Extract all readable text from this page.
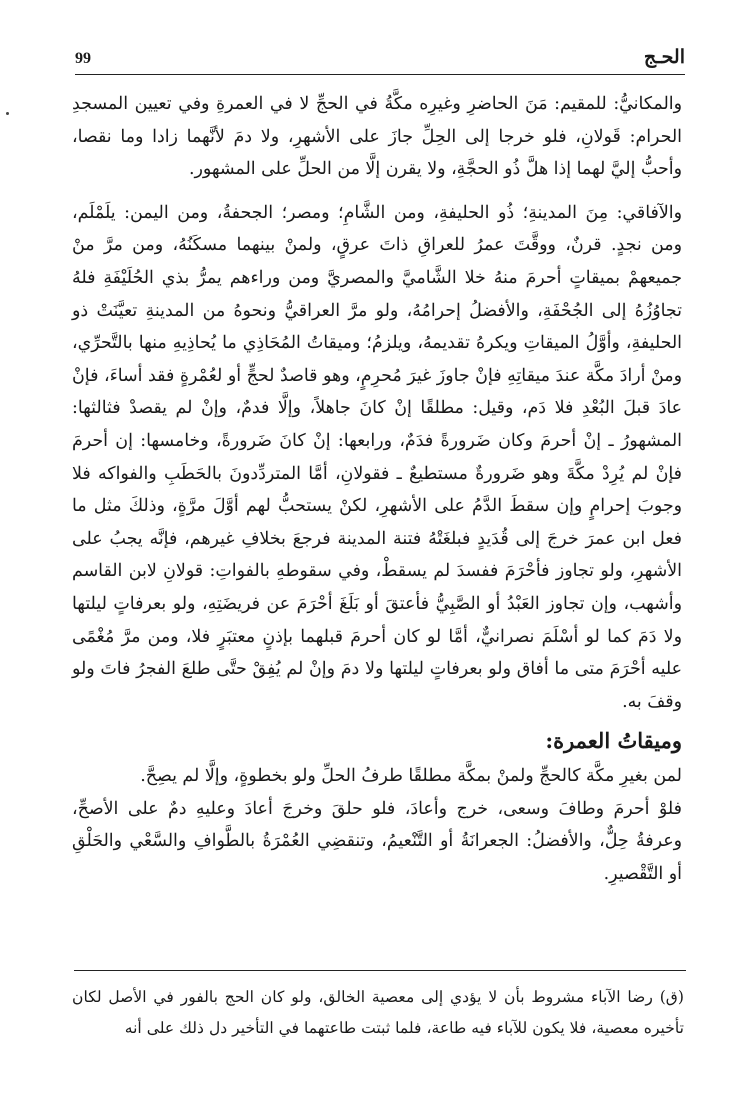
الحـج
99

والمكانيُّ: للمقيم: مَنَ الحاضرِ وغيرِه مكَّةُ في الحجِّ لا في العمرةِ وفي تعيين المسجدِ الحرام: قَولانِ، فلو خرجا إلى الحِلِّ جازَ على الأشهرِ، ولا دمَ لأنَّهما زادا وما نقصا، وأحبُّ إليَّ لهما إذا هلَّ ذُو الحجَّةِ، ولا يقرن إلَّا من الحلِّ على المشهور.

والآفاقي: مِنَ المدينةِ؛ ذُو الحليفةِ، ومن الشَّامِ؛ ومصر؛ الجحفةُ، ومن اليمن: يلَمْلَم، ومن نجدٍ. قرنٌ، ووقَّتَ عمرُ للعراقِ ذاتَ عرقٍ، ولمنْ بينهما مسكَنُهُ، ومن مرَّ منْ جميعهمْ بميقاتٍ أحرمَ منهُ خلا الشَّاميَّ والمصريَّ ومن وراءهم يمرُّ بذي الحُلَيْفَةِ فلهُ تجاوُزُهُ إلى الجُحْفَةِ، والأفضلُ إحرامُهُ، ولو مرَّ العراقيُّ ونحوهُ من المدينةِ تعيَّنَتْ ذو الحليفةِ، وأوَّلُ الميقاتِ ويكرهُ تقديمهُ، ويلزمُ؛ وميقاتُ المُحَاذِي ما يُحاذِيهِ منها بالتَّحرِّي، ومنْ أرادَ مكَّة عندَ ميقاتِهِ فإنْ جاوزَ غيرَ مُحرِمٍ، وهو قاصدٌ لحجٍّ أو لعُمْرةٍ فقد أساءَ، فإنْ عادَ قبلَ البُعْدِ فلا دَم، وقيل: مطلقًا إنْ كانَ جاهلاً، وإلَّا فدمٌ، وإنْ لم يقصدْ فثالثها: المشهورُ ـ إنْ أحرمَ وكان ضَرورةً فدَمٌ، ورابعها: إنْ كانَ ضَرورةً، وخامسها: إن أحرمَ فإنْ لم يُرِدْ مكَّةَ وهو ضَرورةٌ مستطيعٌ ـ فقولانِ، أمَّا المتردِّدونَ بالحَطَبِ والفواكه فلا وجوبَ إحرامٍ وإن سقطَ الدَّمُ على الأشهرِ، لكنْ يستحبُّ لهم أوَّلَ مرَّةٍ، وذلكَ مثل ما فعل ابن عمرَ خرجَ إلى قُدَيدٍ فبلغَتْهُ فتنة المدينة فرجعَ بخلافِ غيرهم، فإنَّه يجبُ على الأشهرِ، ولو تجاوز فأحْرَمَ ففسدَ لم يسقطْ، وفي سقوطهِ بالفواتِ: قولانِ لابن القاسم وأشهب، وإن تجاوز العَبْدُ أو الصَّبِيُّ فأعتقَ أو بَلَغَ أحْرَمَ عن فريضَتِهِ، ولو بعرفاتٍ ليلتها ولا دَمَ كما لو أسْلَمَ نصرانيٌّ، أمَّا لو كان أحرمَ قبلهما بإذنٍ معتبَرٍ فلا، ومن مرَّ مُغْمًى عليه أحْرَمَ متى ما أفاق ولو بعرفاتٍ ليلتها ولا دمَ وإنْ لم يُفِقْ حتَّى طلعَ الفجرُ فاتَ ولو وقفَ به.

وميقاتُ العمرة:

لمن بغيرِ مكَّة كالحجِّ ولمنْ بمكَّة مطلقًا طرفُ الحلِّ ولو بخطوةٍ، وإلَّا لم يصِحَّ.

فلوْ أحرمَ وطافَ وسعى، خرج وأعادَ، فلو حلقَ وخرجَ أعادَ وعليهِ دمٌ على الأصحِّ، وعرفةُ حِلٌّ، والأفضلُ: الجعرانَةُ أو التَّنْعيمُ، وتنقضِي العُمْرَةُ بالطَّوافِ والسَّعْي والحَلْقِ أو التَّقْصيرِ.

(ق) رضا الآباء مشروط بأن لا يؤدي إلى معصية الخالق، ولو كان الحج بالفور في الأصل لكان تأخيره معصية، فلا يكون للآباء فيه طاعة، فلما ثبتت طاعتهما في التأخير دل ذلك على أنه
